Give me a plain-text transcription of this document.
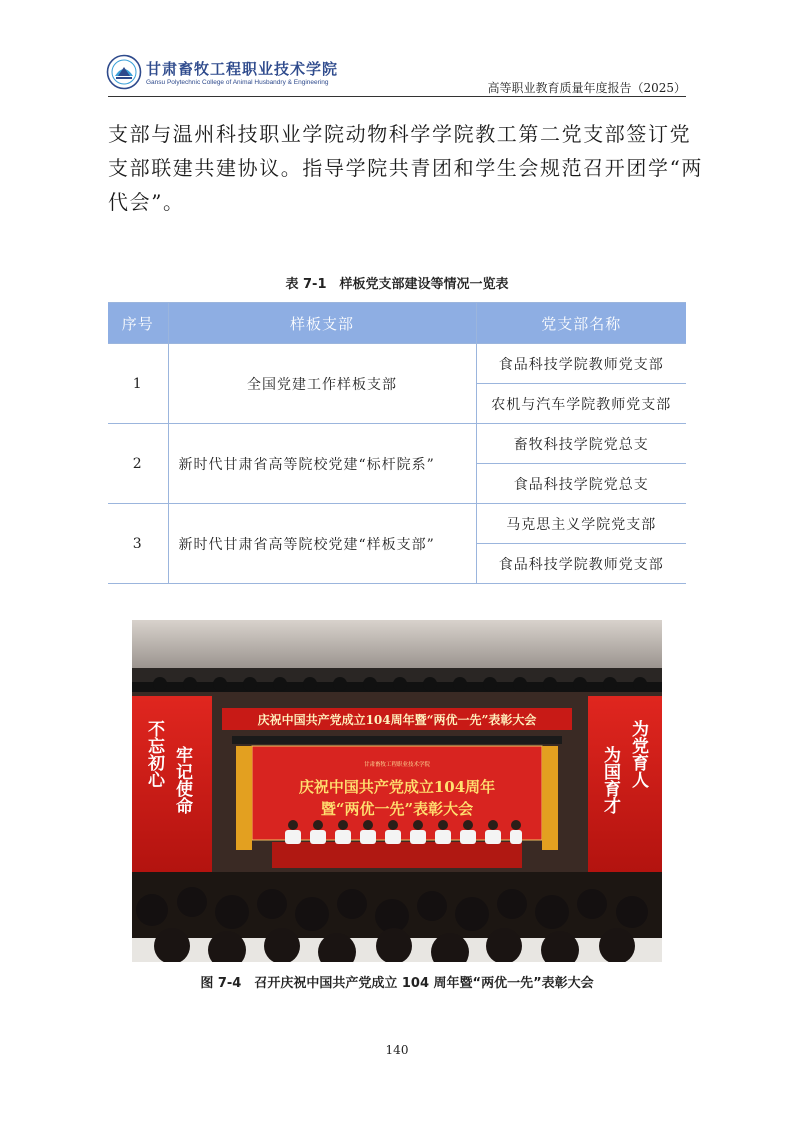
甘肃畜牧工程职业技术学院
Gansu Polytechnic College of Animal Husbandry & Engineering	高等职业教育质量年度报告（2025）

支部与温州科技职业学院动物科学学院教工第二党支部签订党

支部联建共建协议。指导学院共青团和学生会规范召开团学“两

代会”。

表 7-1　样板党支部建设等情况一览表
序号	样板支部	党支部名称
1	全国党建工作样板支部	食品科技学院教师党支部
		农机与汽车学院教师党支部
2	新时代甘肃省高等院校党建“标杆院系”	畜牧科技学院党总支
		食品科技学院党总支
3	新时代甘肃省高等院校党建“样板支部”	马克思主义学院党支部
		食品科技学院教师党支部
庆祝中国共产党成立104周年暨“两优一先”表彰大会
甘肃畜牧工程职业技术学院
庆祝中国共产党成立104周年
暨“两优一先”表彰大会
不忘初心 牢记使命	为党育人
为国育才
图 7-4　召开庆祝中国共产党成立 104 周年暨“两优一先”表彰大会
140
